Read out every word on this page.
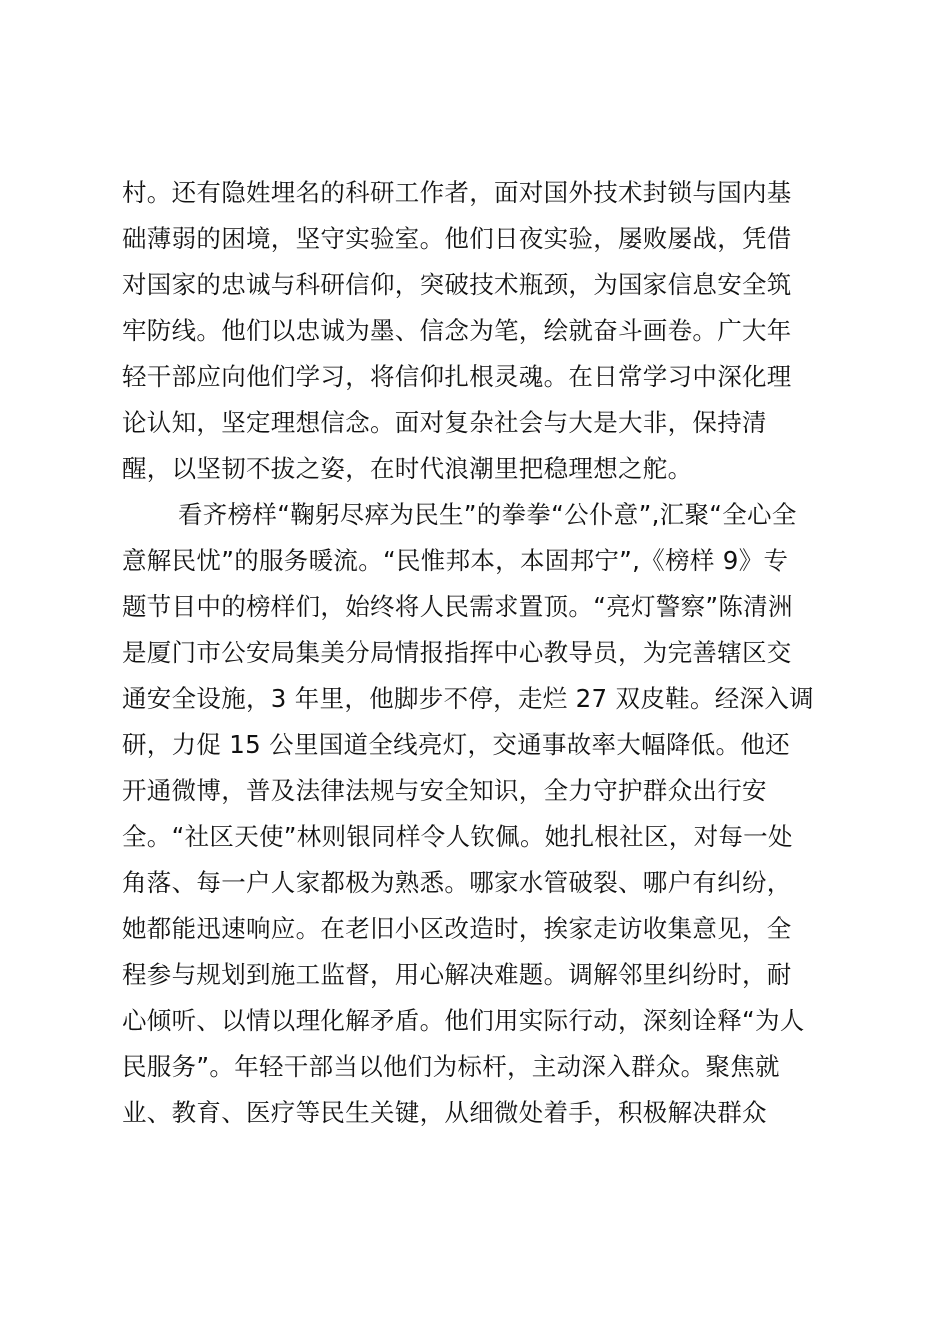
村。还有隐姓埋名的科研工作者，面对国外技术封锁与国内基
础薄弱的困境，坚守实验室。他们日夜实验，屡败屡战，凭借
对国家的忠诚与科研信仰，突破技术瓶颈，为国家信息安全筑
牢防线。他们以忠诚为墨、信念为笔，绘就奋斗画卷。广大年
轻干部应向他们学习，将信仰扎根灵魂。在日常学习中深化理
论认知，坚定理想信念。面对复杂社会与大是大非，保持清
醒，以坚韧不拔之姿，在时代浪潮里把稳理想之舵。
看齐榜样“鞠躬尽瘁为民生”的拳拳“公仆意”,汇聚“全心全
意解民忧”的服务暖流。“民惟邦本，本固邦宁”,《榜样 9》专
题节目中的榜样们，始终将人民需求置顶。“亮灯警察”陈清洲
是厦门市公安局集美分局情报指挥中心教导员，为完善辖区交
通安全设施，3 年里，他脚步不停，走烂 27 双皮鞋。经深入调
研，力促 15 公里国道全线亮灯，交通事故率大幅降低。他还
开通微博，普及法律法规与安全知识，全力守护群众出行安
全。“社区天使”林则银同样令人钦佩。她扎根社区，对每一处
角落、每一户人家都极为熟悉。哪家水管破裂、哪户有纠纷，
她都能迅速响应。在老旧小区改造时，挨家走访收集意见，全
程参与规划到施工监督，用心解决难题。调解邻里纠纷时，耐
心倾听、以情以理化解矛盾。他们用实际行动，深刻诠释“为人
民服务”。年轻干部当以他们为标杆，主动深入群众。聚焦就
业、教育、医疗等民生关键，从细微处着手，积极解决群众
